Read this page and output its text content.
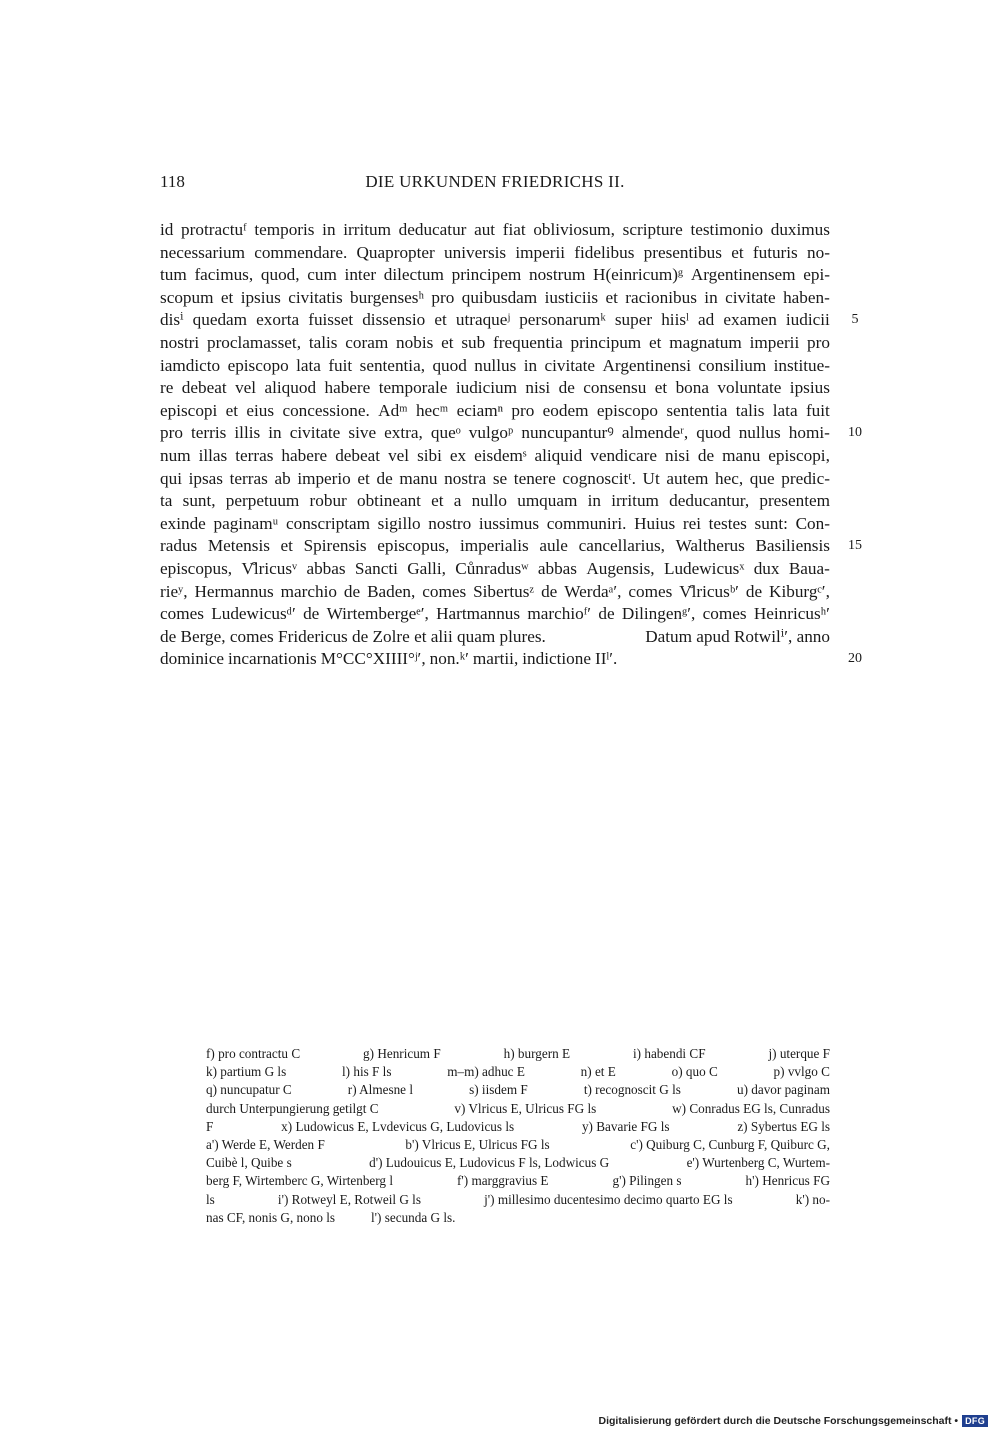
118	DIE URKUNDEN FRIEDRICHS II.
id protractuᶠ temporis in irritum deducatur aut fiat obliviosum, scripture testimonio duximus
necessarium commendare. Quapropter universis imperii fidelibus presentibus et futuris no-
tum facimus, quod, cum inter dilectum principem nostrum H(einricum)ᵍ Argentinensem epi-
scopum et ipsius civitatis burgensesʰ pro quibusdam iusticiis et racionibus in civitate haben-
disⁱ quedam exorta fuisset dissensio et utraqueʲ personarumᵏ super hiisˡ ad examen iudicii
nostri proclamasset, talis coram nobis et sub frequentia principum et magnatum imperii pro
iamdicto episcopo lata fuit sententia, quod nullus in civitate Argentinensi consilium institue-
re debeat vel aliquod habere temporale iudicium nisi de consensu et bona voluntate ipsius
episcopi et eius concessione. Adᵐ hecᵐ eciamⁿ pro eodem episcopo sententia talis lata fuit
pro terris illis in civitate sive extra, queᵒ vulgoᵖ nuncupanturꝰ almendeʳ, quod nullus homi-
num illas terras habere debeat vel sibi ex eisdemˢ aliquid vendicare nisi de manu episcopi,
qui ipsas terras ab imperio et de manu nostra se tenere cognoscitᵗ. Ut autem hec, que predic-
ta sunt, perpetuum robur obtineant et a nullo umquam in irritum deducantur, presentem
exinde paginamᵘ conscriptam sigillo nostro iussimus communiri. Huius rei testes sunt: Con-
radus Metensis et Spirensis episcopus, imperialis aule cancellarius, Waltherus Basiliensis
episcopus, V̊lricusᵛ abbas Sancti Galli, Cůnradusʷ abbas Augensis, Ludewicusˣ dux Baua-
rieʸ, Hermannus marchio de Baden, comes Sibertusᶻ de Werdaᵃ′, comes V̊lricusᵇ′ de Kiburgᶜ′,
comes Ludewicusᵈ′ de Wirtembergeᵉ′, Hartmannus marchioᶠ′ de Dilingenᵍ′, comes Heinricusʰ′
de Berge, comes Fridericus de Zolre et alii quam plures.	Datum apud Rotwilⁱ′, anno
dominice incarnationis M°CC°XIIII°ʲ′, non.ᵏ′ martii, indictione IIˡ′.
5
10
15
20
f) pro contractu C	g) Henricum F	h) burgern E	i) habendi CF	j) uterque F
k) partium G ls	l) his F ls	m–m) adhuc E	n) et E	o) quo C	p) vvlgo C
q) nuncupatur C	r) Almesne l	s) iisdem F	t) recognoscit G ls	u) davor paginam
durch Unterpungierung getilgt C	v) Vlricus E, Ulricus FG ls	w) Conradus EG ls, Cunradus
F	x) Ludowicus E, Lvdevicus G, Ludovicus ls	y) Bavarie FG ls	z) Sybertus EG ls
a') Werde E, Werden F	b') Vlricus E, Ulricus FG ls	c') Quiburg C, Cunburg F, Quiburc G,
Cuibè l, Quibe s	d') Ludouicus E, Ludovicus F ls, Lodwicus G	e') Wurtenberg C, Wurtem-
berg F, Wirtemberc G, Wirtenberg l	f') marggravius E	g') Pilingen s	h') Henricus FG
ls	i') Rotweyl E, Rotweil G ls	j') millesimo ducentesimo decimo quarto EG ls	k') no-
nas CF, nonis G, nono ls	l') secunda G ls.
Digitalisierung gefördert durch die Deutsche Forschungsgemeinschaft • DFG
